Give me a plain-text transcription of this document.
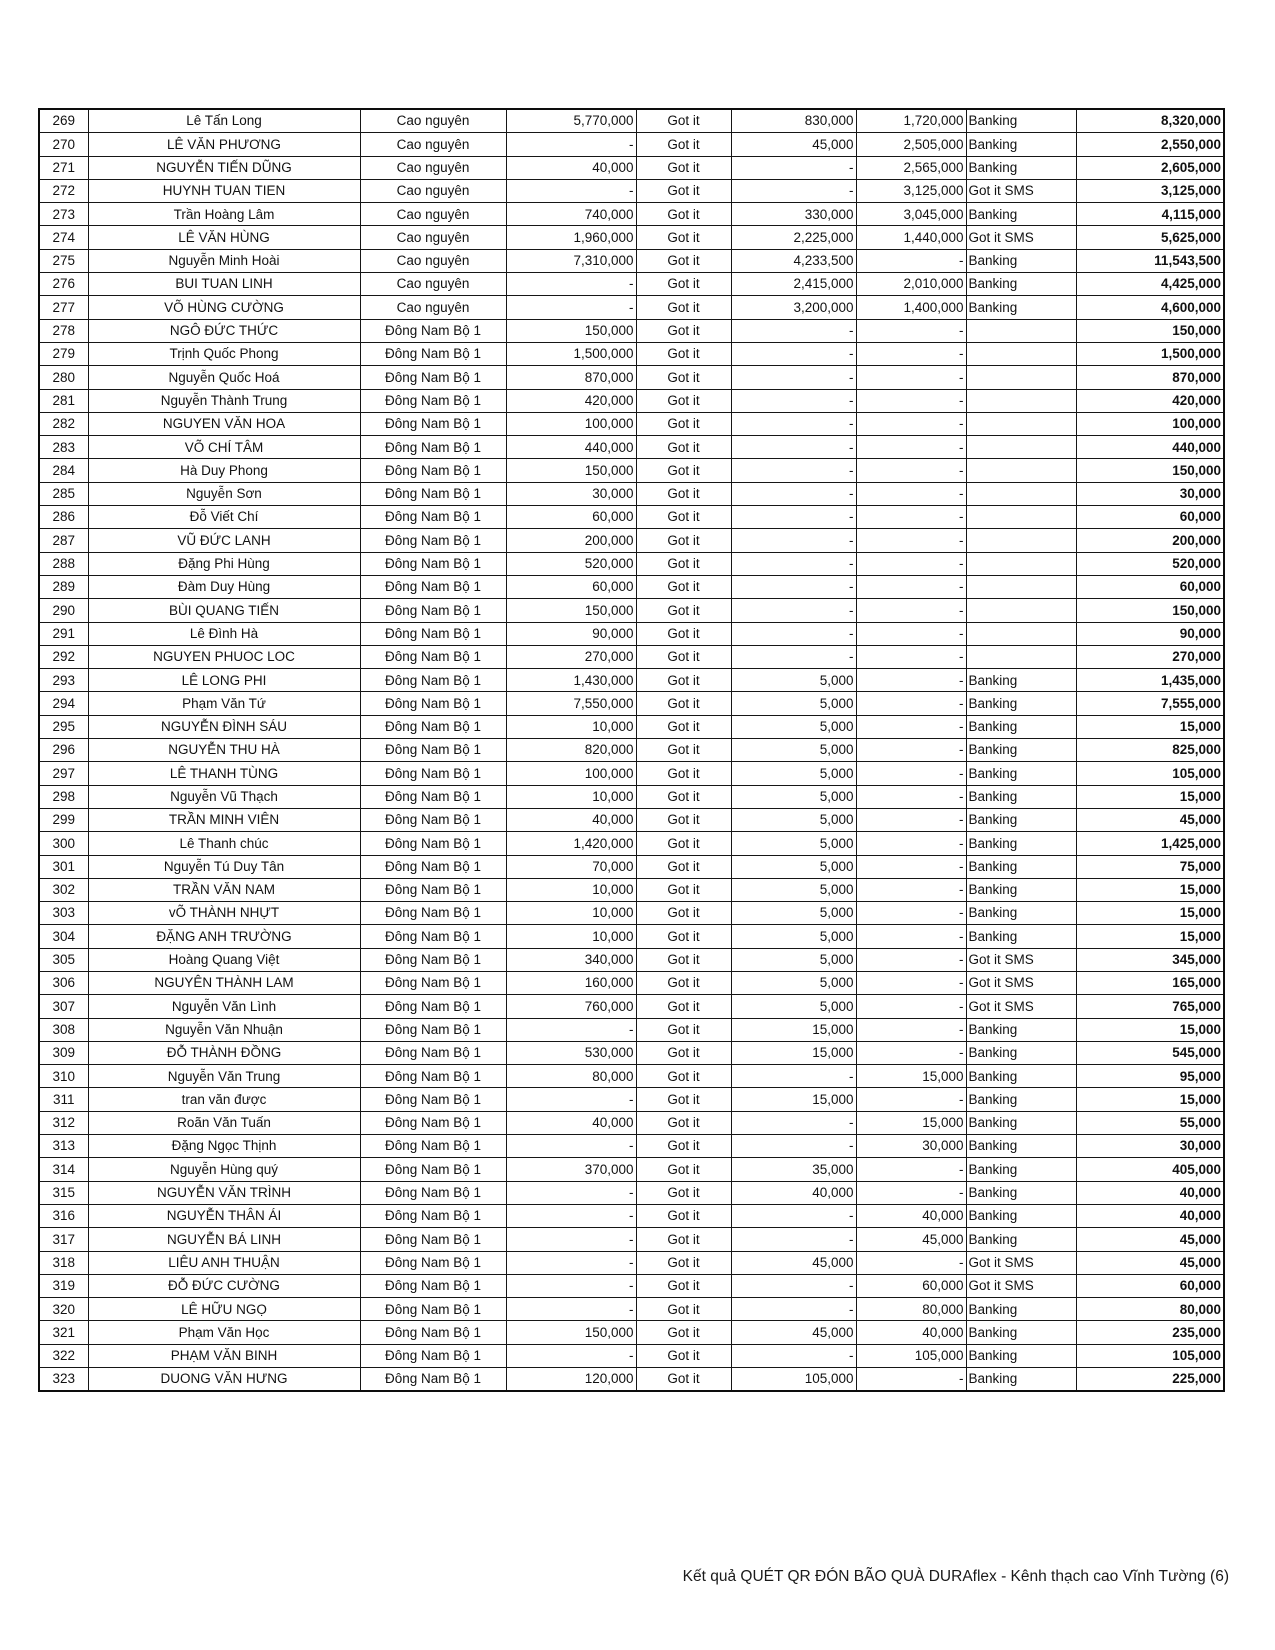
269	Lê Tấn Long	Cao nguyên	5,770,000	Got it	830,000	1,720,000	Banking	8,320,000
270	LÊ VĂN PHƯƠNG	Cao nguyên	-	Got it	45,000	2,505,000	Banking	2,550,000
271	NGUYỄN TIẾN DŨNG	Cao nguyên	40,000	Got it	-	2,565,000	Banking	2,605,000
272	HUYNH TUAN TIEN	Cao nguyên	-	Got it	-	3,125,000	Got it SMS	3,125,000
273	Trần Hoàng Lâm	Cao nguyên	740,000	Got it	330,000	3,045,000	Banking	4,115,000
274	LÊ VĂN HÙNG	Cao nguyên	1,960,000	Got it	2,225,000	1,440,000	Got it SMS	5,625,000
275	Nguyễn Minh Hoài	Cao nguyên	7,310,000	Got it	4,233,500	-	Banking	11,543,500
276	BUI TUAN LINH	Cao nguyên	-	Got it	2,415,000	2,010,000	Banking	4,425,000
277	VÕ HÙNG CƯỜNG	Cao nguyên	-	Got it	3,200,000	1,400,000	Banking	4,600,000
278	NGÔ ĐỨC THỨC	Đông Nam Bộ 1	150,000	Got it	-	-		150,000
279	Trịnh Quốc Phong	Đông Nam Bộ 1	1,500,000	Got it	-	-		1,500,000
280	Nguyễn Quốc Hoá	Đông Nam Bộ 1	870,000	Got it	-	-		870,000
281	Nguyễn Thành Trung	Đông Nam Bộ 1	420,000	Got it	-	-		420,000
282	NGUYEN VĂN HOA	Đông Nam Bộ 1	100,000	Got it	-	-		100,000
283	VÕ CHÍ TÂM	Đông Nam Bộ 1	440,000	Got it	-	-		440,000
284	Hà Duy Phong	Đông Nam Bộ 1	150,000	Got it	-	-		150,000
285	Nguyễn Sơn	Đông Nam Bộ 1	30,000	Got it	-	-		30,000
286	Đỗ Viết Chí	Đông Nam Bộ 1	60,000	Got it	-	-		60,000
287	VŨ ĐỨC LANH	Đông Nam Bộ 1	200,000	Got it	-	-		200,000
288	Đặng Phi Hùng	Đông Nam Bộ 1	520,000	Got it	-	-		520,000
289	Đàm Duy Hùng	Đông Nam Bộ 1	60,000	Got it	-	-		60,000
290	BÙI QUANG TIẾN	Đông Nam Bộ 1	150,000	Got it	-	-		150,000
291	Lê Đình Hà	Đông Nam Bộ 1	90,000	Got it	-	-		90,000
292	NGUYEN PHUOC LOC	Đông Nam Bộ 1	270,000	Got it	-	-		270,000
293	LÊ LONG PHI	Đông Nam Bộ 1	1,430,000	Got it	5,000	-	Banking	1,435,000
294	Phạm Văn Tứ	Đông Nam Bộ 1	7,550,000	Got it	5,000	-	Banking	7,555,000
295	NGUYỄN ĐÌNH SÁU	Đông Nam Bộ 1	10,000	Got it	5,000	-	Banking	15,000
296	NGUYỄN THU HÀ	Đông Nam Bộ 1	820,000	Got it	5,000	-	Banking	825,000
297	LÊ THANH TÙNG	Đông Nam Bộ 1	100,000	Got it	5,000	-	Banking	105,000
298	Nguyễn Vũ Thạch	Đông Nam Bộ 1	10,000	Got it	5,000	-	Banking	15,000
299	TRẦN MINH VIÊN	Đông Nam Bộ 1	40,000	Got it	5,000	-	Banking	45,000
300	Lê Thanh chúc	Đông Nam Bộ 1	1,420,000	Got it	5,000	-	Banking	1,425,000
301	Nguyễn Tú Duy Tân	Đông Nam Bộ 1	70,000	Got it	5,000	-	Banking	75,000
302	TRẦN VĂN NAM	Đông Nam Bộ 1	10,000	Got it	5,000	-	Banking	15,000
303	vÕ THÀNH NHỰT	Đông Nam Bộ 1	10,000	Got it	5,000	-	Banking	15,000
304	ĐẶNG ANH TRƯỜNG	Đông Nam Bộ 1	10,000	Got it	5,000	-	Banking	15,000
305	Hoàng Quang Việt	Đông Nam Bộ 1	340,000	Got it	5,000	-	Got it SMS	345,000
306	NGUYÊN THÀNH LAM	Đông Nam Bộ 1	160,000	Got it	5,000	-	Got it SMS	165,000
307	Nguyễn Văn Lình	Đông Nam Bộ 1	760,000	Got it	5,000	-	Got it SMS	765,000
308	Nguyễn Văn Nhuận	Đông Nam Bộ 1	-	Got it	15,000	-	Banking	15,000
309	ĐỖ THÀNH ĐỒNG	Đông Nam Bộ 1	530,000	Got it	15,000	-	Banking	545,000
310	Nguyễn Văn Trung	Đông Nam Bộ 1	80,000	Got it	-	15,000	Banking	95,000
311	tran văn được	Đông Nam Bộ 1	-	Got it	15,000	-	Banking	15,000
312	Roãn Văn Tuấn	Đông Nam Bộ 1	40,000	Got it	-	15,000	Banking	55,000
313	Đặng Ngọc Thịnh	Đông Nam Bộ 1	-	Got it	-	30,000	Banking	30,000
314	Nguyễn Hùng quý	Đông Nam Bộ 1	370,000	Got it	35,000	-	Banking	405,000
315	NGUYỄN VĂN TRÌNH	Đông Nam Bộ 1	-	Got it	40,000	-	Banking	40,000
316	NGUYỄN THÂN ÁI	Đông Nam Bộ 1	-	Got it	-	40,000	Banking	40,000
317	NGUYỄN BÁ LINH	Đông Nam Bộ 1	-	Got it	-	45,000	Banking	45,000
318	LIÊU ANH THUẬN	Đông Nam Bộ 1	-	Got it	45,000	-	Got it SMS	45,000
319	ĐỖ ĐỨC CƯỜNG	Đông Nam Bộ 1	-	Got it	-	60,000	Got it SMS	60,000
320	LÊ HỮU NGỌ	Đông Nam Bộ 1	-	Got it	-	80,000	Banking	80,000
321	Phạm Văn Học	Đông Nam Bộ 1	150,000	Got it	45,000	40,000	Banking	235,000
322	PHẠM VĂN BINH	Đông Nam Bộ 1	-	Got it	-	105,000	Banking	105,000
323	DUONG VĂN HƯNG	Đông Nam Bộ 1	120,000	Got it	105,000	-	Banking	225,000
Kết quả QUÉT QR ĐÓN BÃO QUÀ DURAflex - Kênh thạch cao Vĩnh Tường (6)
